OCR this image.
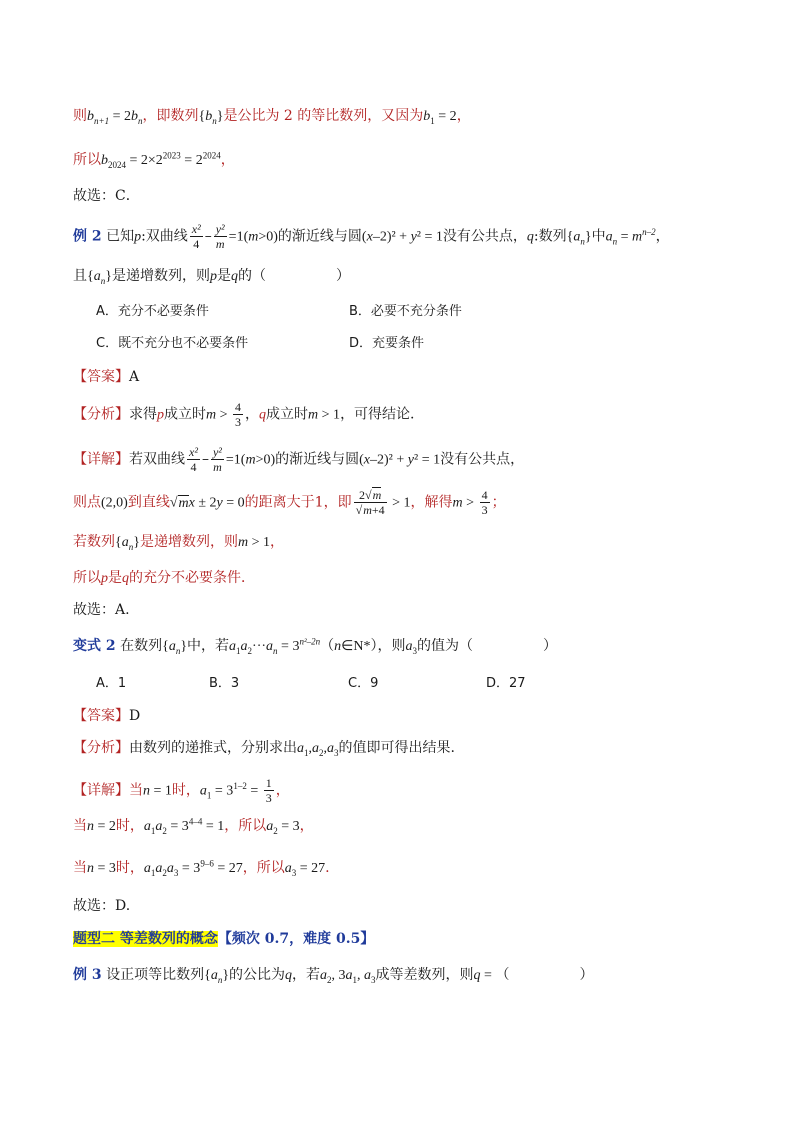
则$b_{n+1} = 2b_n$，即数列$\{b_n\}$是公比为 2 的等比数列，又因为$b_1 = 2$，
所以$b_{2024} = 2\times 2^{2023} = 2^{2024}$，
故选：C．
例 2 已知p:双曲线 $\frac{\text{x²}}{4} - \frac{\text{y²}}{m} =1(m>0)$的渐近线与圆(x–2)² + y² = 1没有公共点，q:数列$\{a_n\}$中$a_n = m^{n-2}$，
且$\{a_n\}$是递增数列，则p是q的（	）
A．充分不必要条件	B．必要不充分条件
C．既不充分也不必要条件	D．充要条件
【答案】A
【分析】求得p成立时$m > \frac{4}{3}$ ，q成立时m > 1，可得结论.
【详解】若双曲线 $\frac{\text{x²}}{4} - \frac{\text{y²}}{m} =1(m>0)$的渐近线与圆(x–2)² + y² = 1没有公共点，
则点(2,0)到直线√mx ± 2y = 0的距离大于1，即 $\frac{2√m}{√m+4} > 1$，解得$m > \frac{4}{3}$ ；
若数列$\{a_n\}$是递增数列，则m > 1，
所以p是q的充分不必要条件．
故选：A.
变式 2 在数列$\{a_n\}$中，若$a_1a_2\cdot\cdot\cdot a_n$ = $3^{n^2-2n}(n\in N*)$，则$a_3$的值为（	）
A．1	B．3	C．9	D．27
【答案】D
【分析】由数列的递推式，分别求出$a_1,a_2,a_3$的值即可得出结果.
【详解】当n = 1时，$a_1 = 3^{1-2} = \frac{1}{3}$ ，
当n = 2时，$a_1a_2 = 3^{4-4} = 1$，所以$a_2 = 3$，
当n = 3时，$a_1a_2a_3 = 3^{9-6} = 27$，所以$a_3 = 27$.
故选：D.
题型二 等差数列的概念【频次 0.7，难度 0.5】
例 3 设正项等比数列$\{a_n\}$的公比为q，若$a_2$, $3a_1$, $a_3$成等差数列，则q = （	）
